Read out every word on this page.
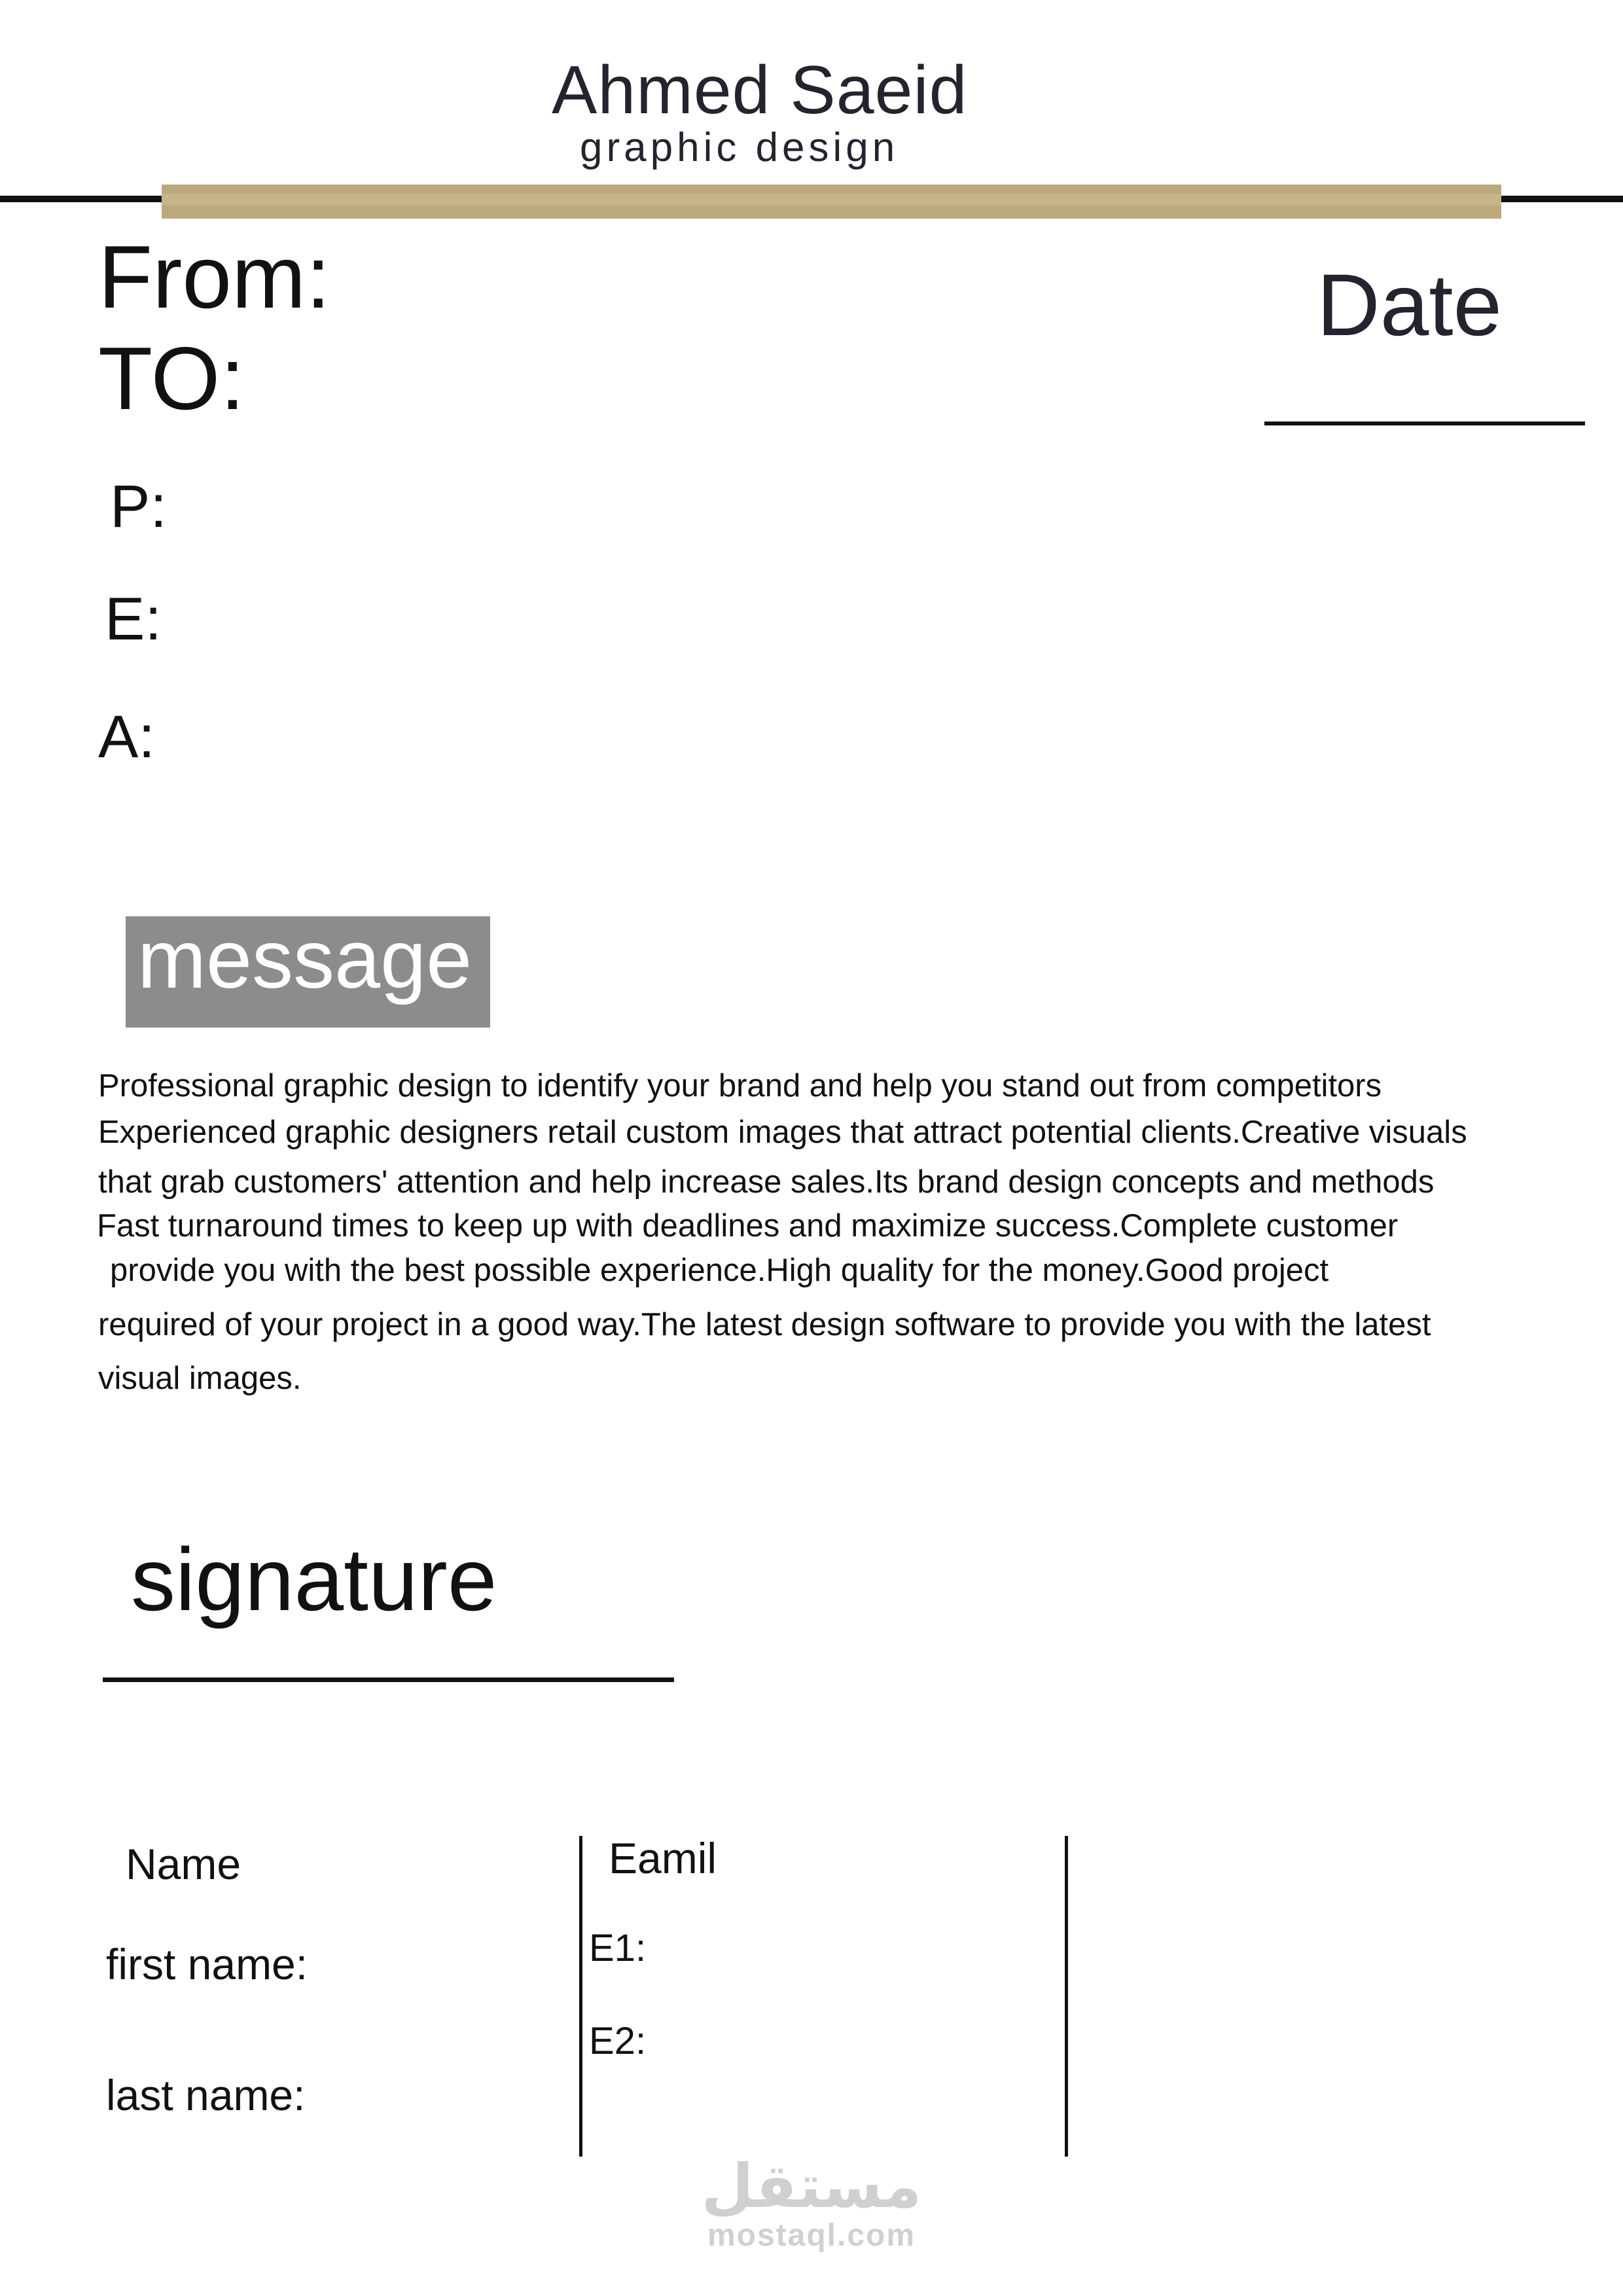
Ahmed Saeid
graphic design
From:
TO:
Date
P:
E:
A:
message
Professional graphic design to identify your brand and help you stand out from competitors
Experienced graphic designers retail custom images that attract potential clients.Creative visuals
that grab customers' attention and help increase sales.Its brand design concepts and methods
Fast turnaround times to keep up with deadlines and maximize success.Complete customer
provide you with the best possible experience.High quality for the money.Good project
required of your project in a good way.The latest design software to provide you with the latest
visual images.
signature
Name
first name:
last name:
Eamil
E1:
E2:
مستقل
mostaql.com
